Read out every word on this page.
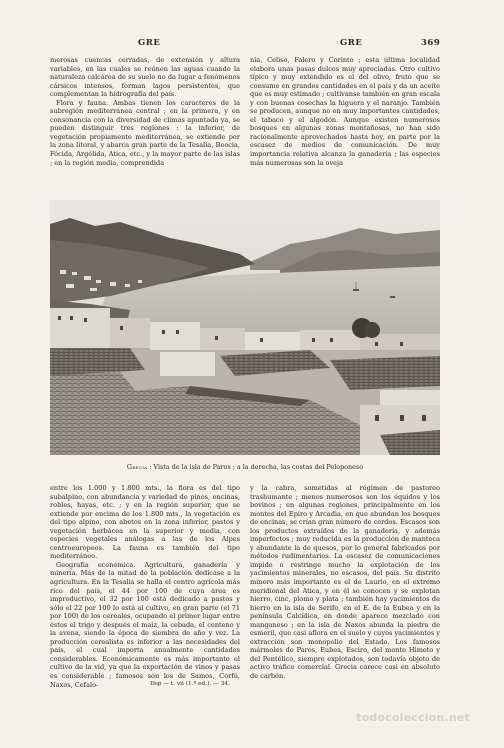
GRE	GRE	369

merosas cuencas cerradas, de extensión y altura variables, en las cuales se reúnen las aguas cuando la naturaleza calcárea de su suelo no da lugar a fenómenos cársicos intensos, forman lagos persistentes, que complementan la hidrografía del país.

Flora y fauna. Ambas tienen los caracteres de la subregión mediterránea central ; en la primera, y en consonancia con la diversidad de climas apuntada ya, se pueden distinguir tres regiones : la inferior, de vegetación propiamente mediterránea, se extiende por la zona litoral, y abarca gran parte de la Tesalia, Beocia, Fócida, Argólida, Atica, etc., y la mayor parte de las islas ; en la región media, comprendida

nia, Celiso, Falero y Corinto ; esta última localidad elabora unas pasas dulces muy apreciadas. Otro cultivo típico y muy extendido es el del olivo, fruto que se consume en grandes cantidades en el país y da un aceite que es muy estimado ; cultívanse también en gran escala y con buenas cosechas la higuera y el naranjo. También se producen, aunque no en muy importantes cantidades, el tabaco y el algodón. Aunque existen numerosos bosques en algunas zonas montañosas, no han sido racionalmente aprovechados hasta hoy, en parte por la escasez de medios de comunicación. De muy importancia relativa alcanza la ganadería ; las especies más numerosas son la oveja

Grecia : Vista de la isla de Paros ; a la derecha, las costas del Peloponeso

entre los 1.000 y 1.800 mts., la flora es del tipo subalpino, con abundancia y variedad de pinos, encinas, robles, hayas, etc. ; y en la región superior, que se extiende por encima de los 1.800 mts., la vegetación es del tipo alpino, con abetos en la zona inferior, pastos y vegetación herbácea en la superior y media, con especies vegetales análogas a las de los Alpes centroeuropeos. La fauna es también del tipo mediterráneo.

Geografía económica. Agricultura, ganadería y minería. Más de la mitad de la población dedícase a la agricultura. En la Tesalia se halla el centro agrícola más rico del país, el 44 por 100 de cuya área es improductivo, el 32 por 100 está dedicado a pastos y sólo el 22 por 100 lo está al cultivo, en gran parte (el 71 por 100) de los cereales, ocupando el primer lugar entre éstos el trigo y después el maíz, la cebada, el centeno y la avena, siendo la época de siembra de año y vez. La producción cerealista es inferior a las necesidades del país, el cual importa anualmente cantidades considerables. Económicamente es más importante el cultivo de la vid, ya que la exportación de vinos y pasas es considerable ; famosos son los de Samos, Corfú, Naxos, Cefalo-

y la cabra, sometidas al régimen de pastoreo trashumante ; menos numerosos son los équidos y los bovinos ; en algunas regiones, principalmente en los montes del Epiro y Arcadia, en que abundan los bosques de encinas, se crían gran número de cerdos. Escasos son los productos extraídos de la ganadería, y además imperfectos ; muy reducida es la producción de manteca y abundante la de quesos, por lo general fabricados por métodos rudimentarios. La escasez de comunicaciones impide o restringe mucho la explotación de los yacimientos minerales, no escasos, del país. Su distrito minero más importante es el de Laurio, en el extremo meridional del Atica, y en él se conocen y se explotan hierro, cinc, plomo y plata ; también hay yacimientos de hierro en la isla de Serifo, en el E. de la Eubea y en la península Calcídica, en donde aparece mezclado con manganeso ; en la isla de Naxos abunda la piedra de esmeril, que casi aflora en el suelo y cuyos yacimientos y extracción son monopolio del Estado. Los famosos mármoles de Paros, Eubea, Esciro, del monte Himeto y del Pentélico, siempre explotados, son todavía objeto de activo tráfico comercial. Grecia carece casi en absoluto de carbón.

Dsp — t. vii (1.ª ed.). — 34.
todocoleccion.net
